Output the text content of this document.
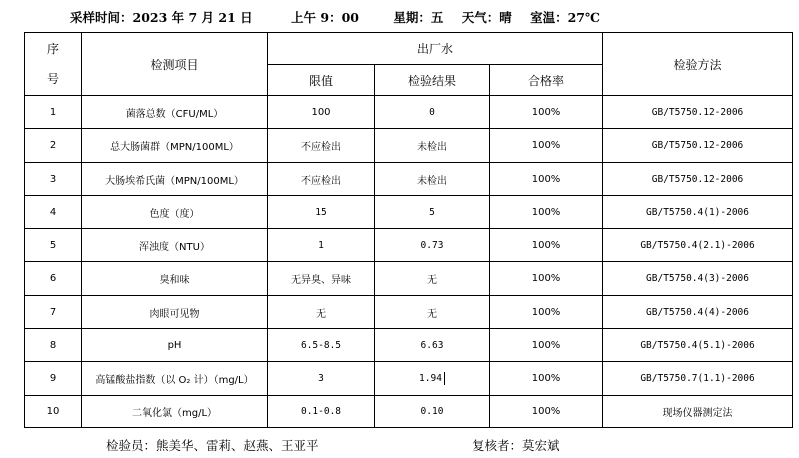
采样时间：2023 年 7 月 21 日	上午 9：00	星期：五 天气：晴 室温：27℃
序
号	检测项目	出厂水			检验方法
		限值	检验结果	合格率	
1	菌落总数（CFU/ML）	100	0	100%	GB/T5750.12-2006
2	总大肠菌群（MPN/100ML）	不应检出	未检出	100%	GB/T5750.12-2006
3	大肠埃希氏菌（MPN/100ML）	不应检出	未检出	100%	GB/T5750.12-2006
4	色度（度）	15	5	100%	GB/T5750.4(1)-2006
5	浑浊度（NTU）	1	0.73	100%	GB/T5750.4(2.1)-2006
6	臭和味	无异臭、异味	无	100%	GB/T5750.4(3)-2006
7	肉眼可见物	无	无	100%	GB/T5750.4(4)-2006
8	pH	6.5-8.5	6.63	100%	GB/T5750.4(5.1)-2006
9	高锰酸盐指数（以 O₂ 计）（mg/L）	3	1.94	100%	GB/T5750.7(1.1)-2006
10	二氧化氯（mg/L）	0.1-0.8	0.10	100%	现场仪器测定法
检验员：熊美华、雷莉、赵燕、王亚平	复核者：莫宏斌
